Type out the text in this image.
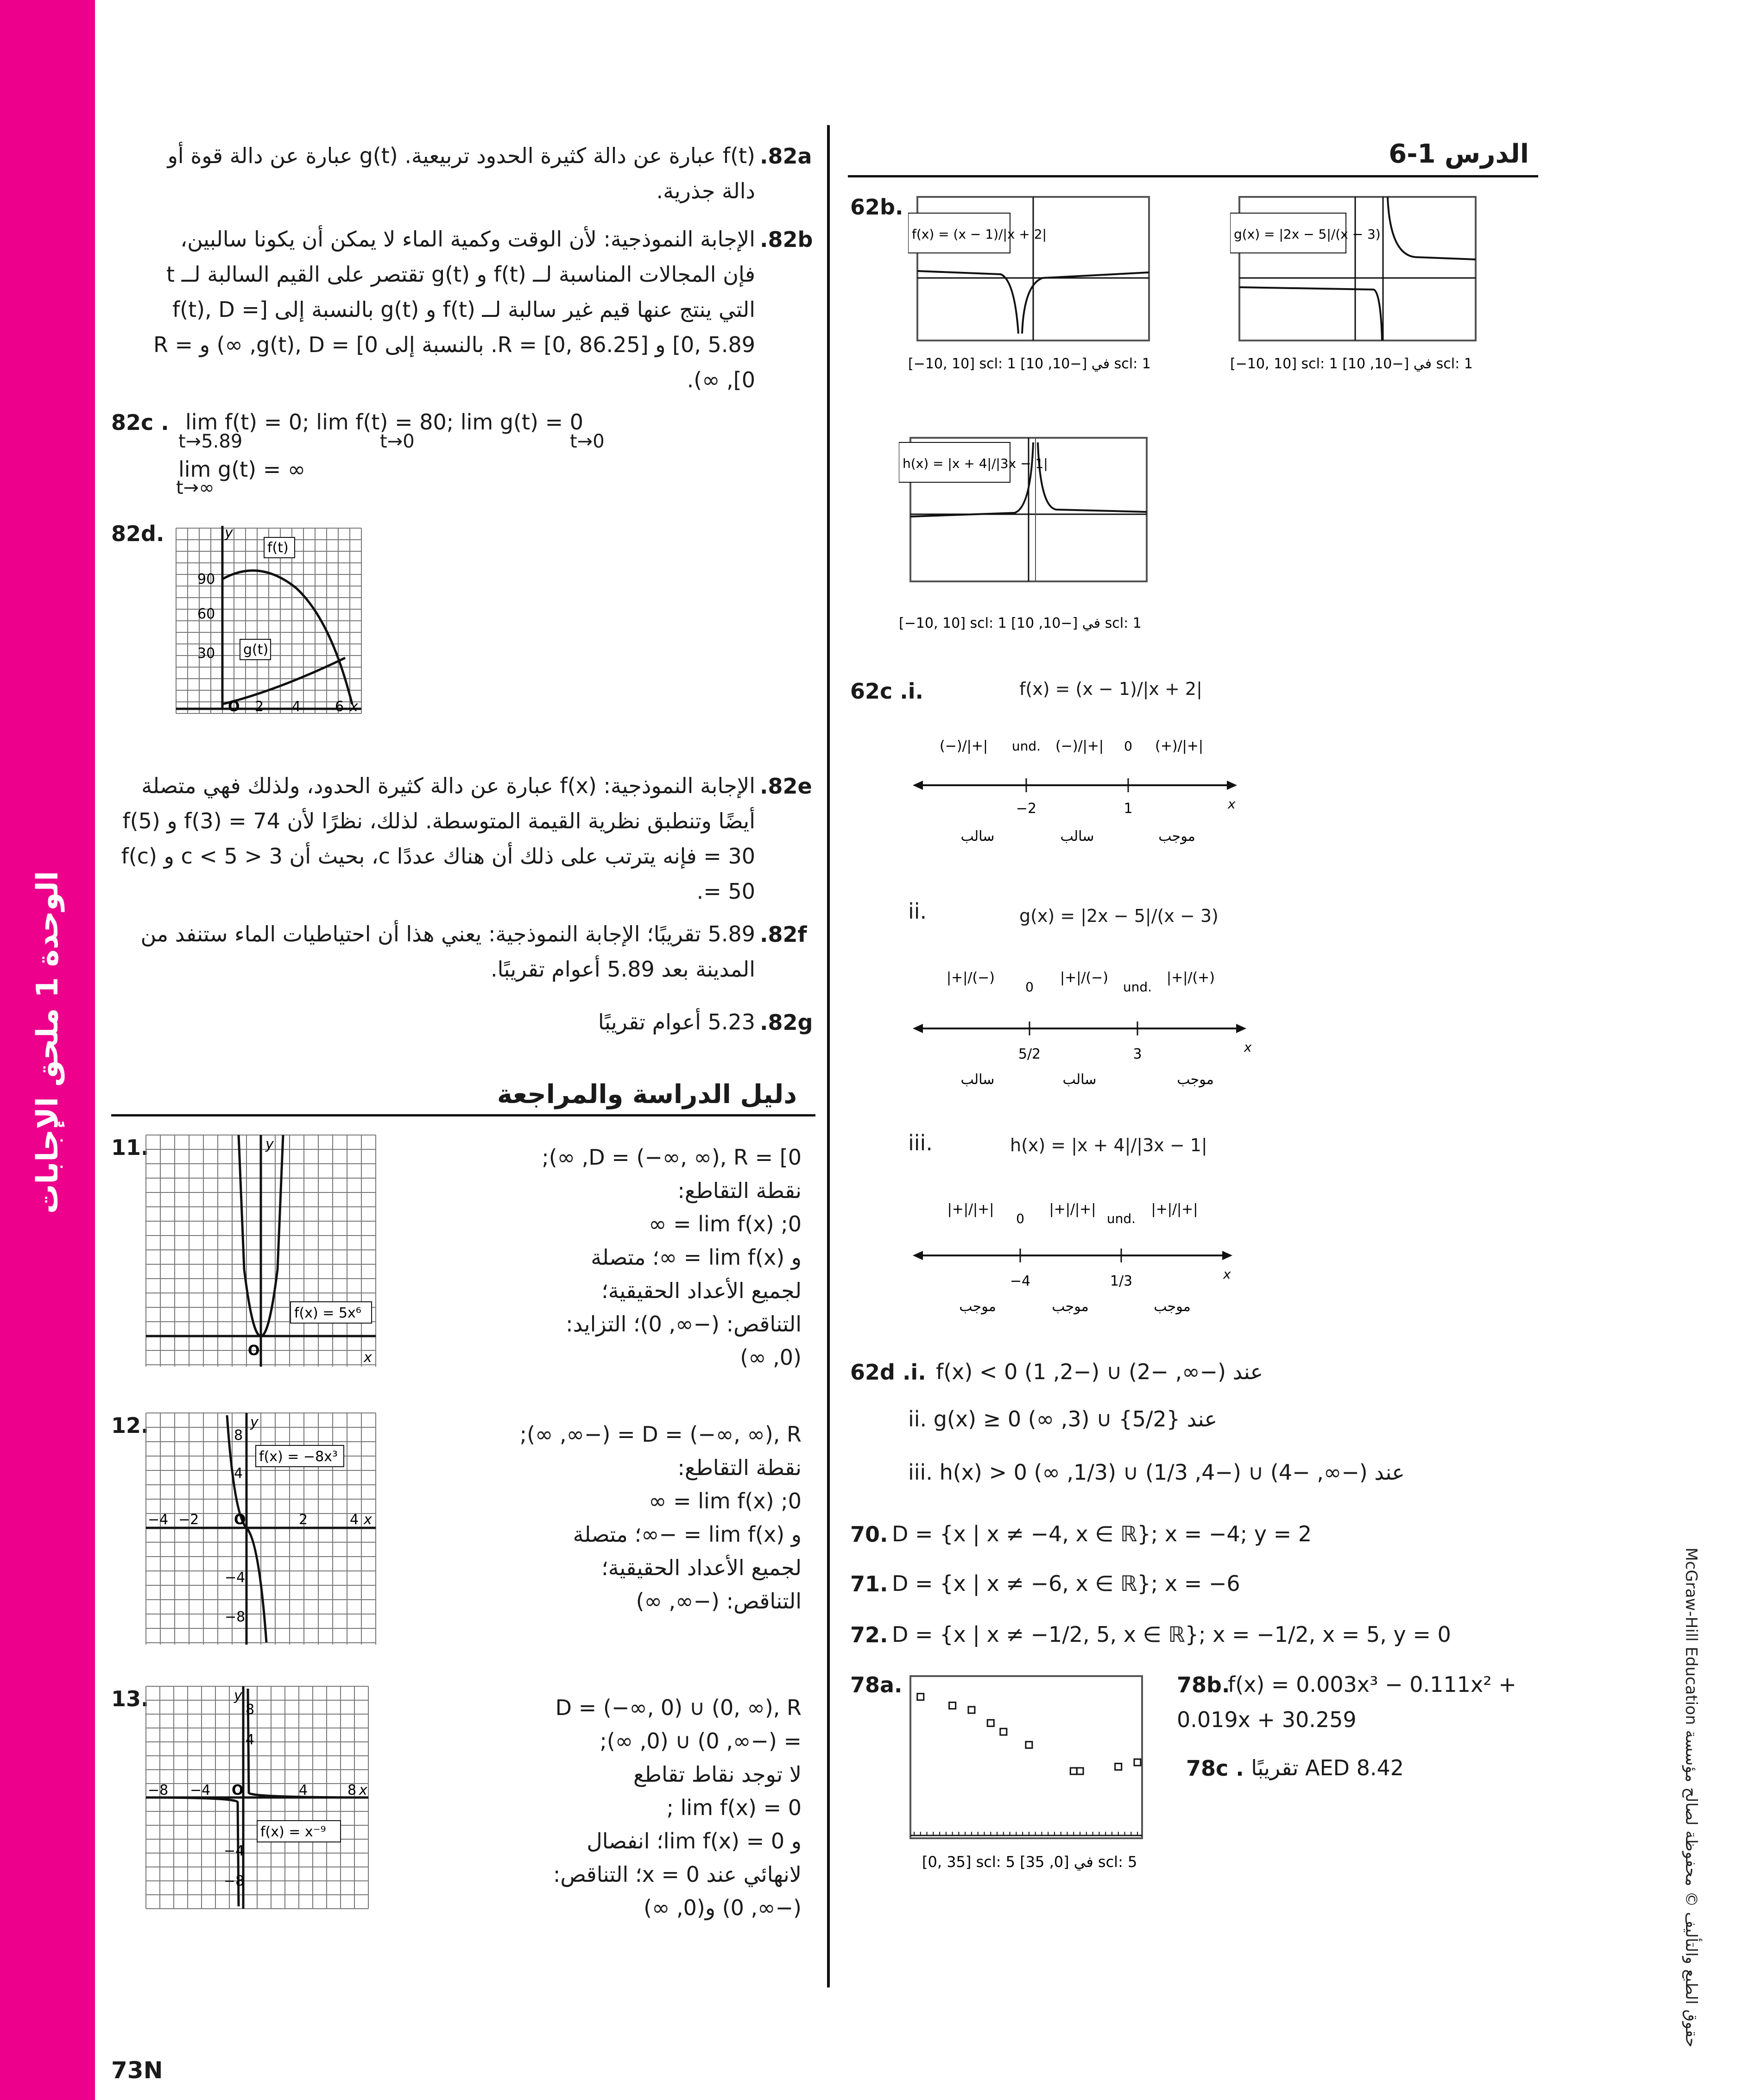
الوحدة 1 ملحق الإجابات
McGraw-Hill Education حقوق الطبع والتأليف © محفوظة لصالح مؤسسة
73N
.82a
f(t) عبارة عن دالة كثيرة الحدود تربيعية. g(t) عبارة عن دالة قوة أو دالة جذرية.
.82b
الإجابة النموذجية: لأن الوقت وكمية الماء لا يمكن أن يكونا سالبين، فإن المجالات المناسبة لــ f(t) و g(t) تقتصر على القيم السالبة لــ t التي ينتج عنها قيم غير سالبة لــ f(t) و g(t) بالنسبة إلى [f(t), D = [0, 5.89 و [R = [0, 86.25. بالنسبة إلى g(t), D = [0, ∞) و R = [0, ∞).
82c . lim f(t) = 0; lim f(t) = 80; lim g(t) = 0
t→5.89	t→0	t→0
lim g(t) = ∞
t→∞
82d.
f(t)
g(t)
90
60
30
y
O 2 4 6 x
.82e
الإجابة النموذجية: f(x) عبارة عن دالة كثيرة الحدود، ولذلك فهي متصلة أيضًا وتنطبق نظرية القيمة المتوسطة. لذلك، نظرًا لأن f(3) = 74 و f(5) = 30 فإنه يترتب على ذلك أن هناك عددًا c، بحيث أن 3 < c < 5 و f(c) = 50.
.82f
5.89 تقريبًا؛ الإجابة النموذجية: يعني هذا أن احتياطيات الماء ستنفد من المدينة بعد 5.89 أعوام تقريبًا.
.82g
5.23 أعوام تقريبًا
دليل الدراسة والمراجعة
11.
f(x) = 5x⁶
O	x
y
D = (−∞, ∞), R = [0, ∞);
نقطة التقاطع:
0; lim f(x) = ∞
و lim f(x) = ∞؛ متصلة
لجميع الأعداد الحقيقية؛
التناقص: (−∞, 0)؛ التزايد:
(0, ∞)
12.
f(x) = −8x³
−4 −2	O	2	4
8
4
−4
−8
y
x
D = (−∞, ∞), R = (−∞, ∞);
نقطة التقاطع:
0; lim f(x) = ∞
و lim f(x) = −∞؛ متصلة
لجميع الأعداد الحقيقية؛
التناقص: (−∞, ∞)
13.
f(x) = x⁻⁹
−8 −4 O	4	8
8
4
−4
−8
y
x
D = (−∞, 0) ∪ (0, ∞), R
= (−∞, 0) ∪ (0, ∞);
لا توجد نقاط تقاطع
lim f(x) = 0 ;
و lim f(x) = 0؛ انفصال
لانهائي عند x = 0؛ التناقص:
(−∞, 0) و(0, ∞)
الدرس 1-6
62b.
f(x) = (x − 1)/|x + 2|
[−10, 10] scl: 1 في [−10, 10] scl: 1
g(x) = |2x − 5|/(x − 3)
[−10, 10] scl: 1 في [−10, 10] scl: 1
h(x) = |x + 4|/|3x − 1|
[−10, 10] scl: 1 في [−10, 10] scl: 1
62c .i.	f(x) = (x − 1)/|x + 2|
(−)/|+| und. (−)/|+| 0 (+)/|+|
−2	1	x
سالب	سالب	موجب
ii.	g(x) = |2x − 5|/(x − 3)
|+|/(−)
0
|+|/(−)
und.
|+|/(+)
5/2	3	x
سالب	سالب	موجب
iii.	h(x) = |x + 4|/|3x − 1|
|+|/|+|
0
|+|/|+|
und.
|+|/|+|
−4	1/3	x
موجب	موجب	موجب
62d .i. f(x) < 0 عند (−∞, −2) ∪ (−2, 1)
ii. g(x) ≥ 0 عند {5/2} ∪ (3, ∞)
iii. h(x) > 0 عند (−∞, −4) ∪ (−4, 1/3) ∪ (1/3, ∞)
70. D = {x | x ≠ −4, x ∈ ℝ}; x = −4; y = 2
71. D = {x | x ≠ −6, x ∈ ℝ}; x = −6
72. D = {x | x ≠ −1/2, 5, x ∈ ℝ}; x = −1/2, x = 5, y = 0
78a.
[0, 35] scl: 5 في [0, 35] scl: 5
78b.
f(x) = 0.003x³ − 0.111x² + 0.019x + 30.259
78c . 8.42 AED تقريبًا
